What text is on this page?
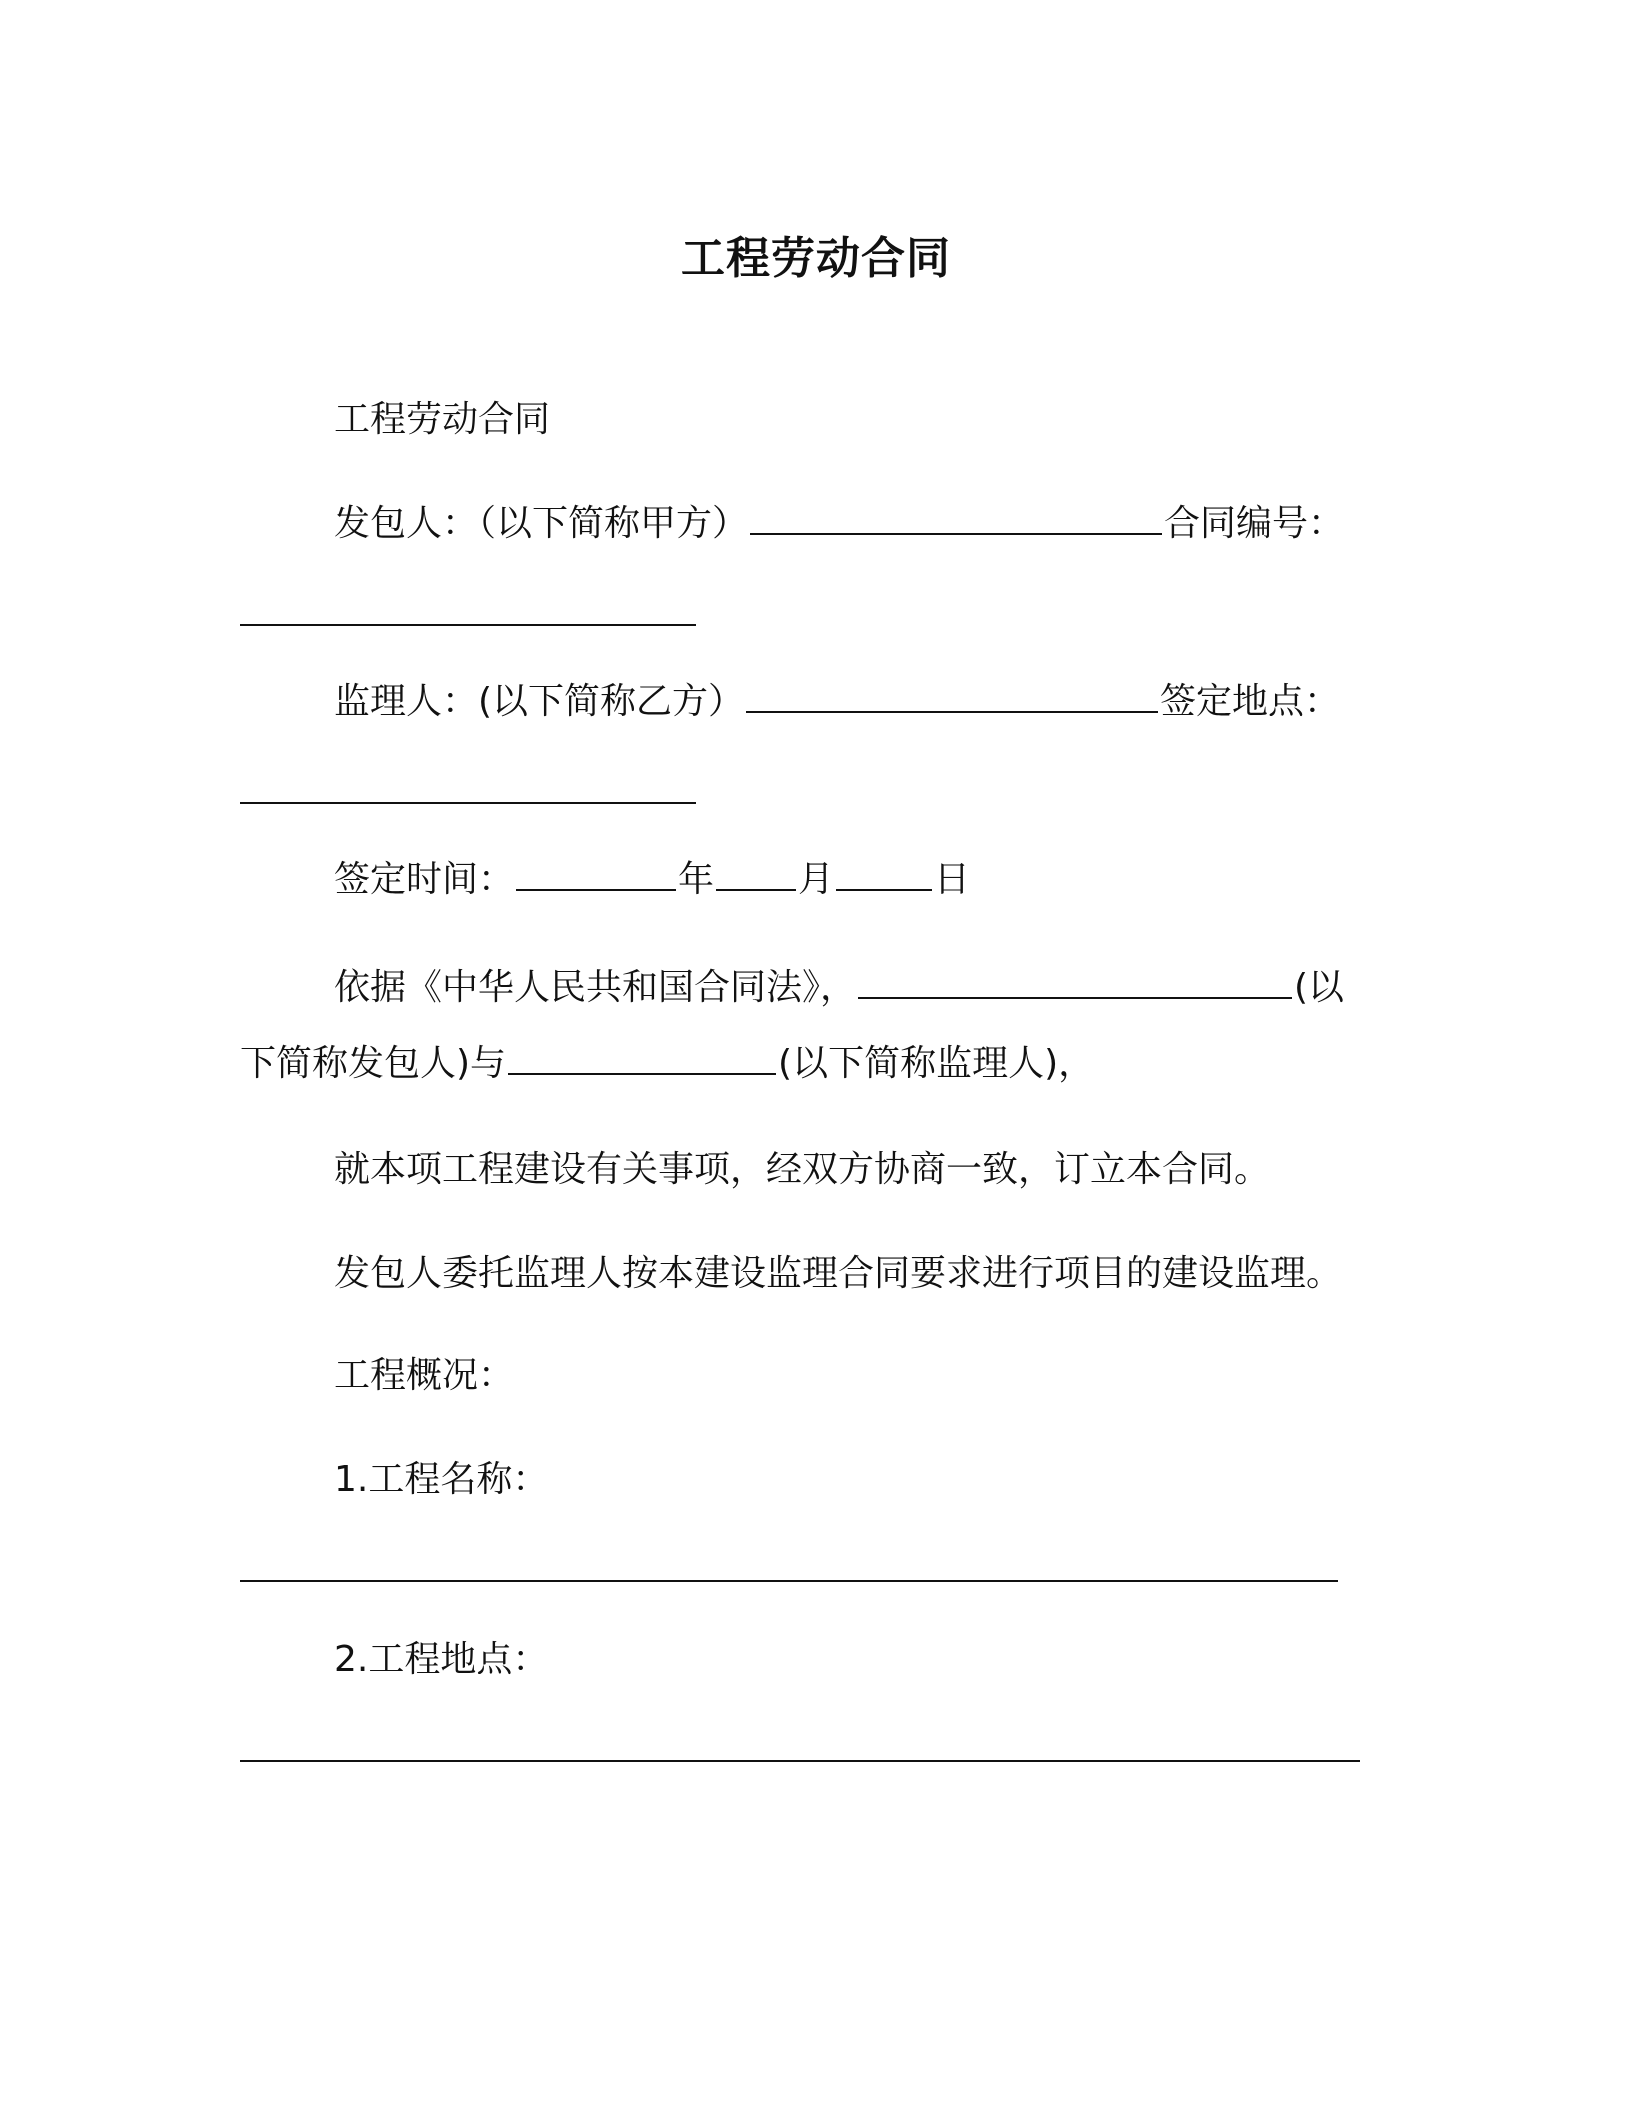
工程劳动合同
工程劳动合同
发包人：（以下简称甲方）	合同编号：
监理人：(以下简称乙方）	签定地点：
签定时间：	年 月	日
依据《中华人民共和国合同法》，	(以
下简称发包人)与	(以下简称监理人)，
就本项工程建设有关事项，经双方协商一致，订立本合同。
发包人委托监理人按本建设监理合同要求进行项目的建设监理。
工程概况：
1.工程名称：
2.工程地点：
